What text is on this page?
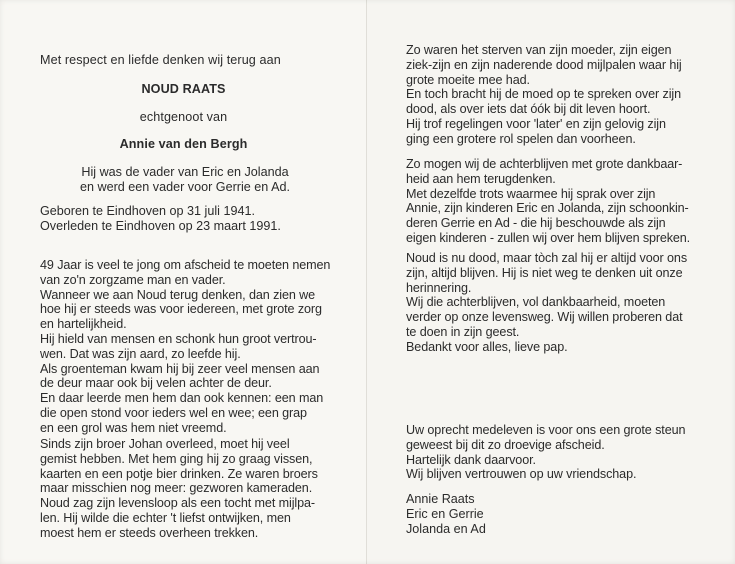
Met respect en liefde denken wij terug aan
NOUD RAATS
echtgenoot van
Annie van den Bergh
Hij was de vader van Eric en Jolanda
en werd een vader voor Gerrie en Ad.
Geboren te Eindhoven op 31 juli 1941.
Overleden te Eindhoven op 23 maart 1991.
49 Jaar is veel te jong om afscheid te moeten nemen
van zo'n zorgzame man en vader.
Wanneer we aan Noud terug denken, dan zien we
hoe hij er steeds was voor iedereen, met grote zorg
en hartelijkheid.
Hij hield van mensen en schonk hun groot vertrou-
wen. Dat was zijn aard, zo leefde hij.
Als groenteman kwam hij bij zeer veel mensen aan
de deur maar ook bij velen achter de deur.
En daar leerde men hem dan ook kennen: een man
die open stond voor ieders wel en wee; een grap
en een grol was hem niet vreemd.
Sinds zijn broer Johan overleed, moet hij veel
gemist hebben. Met hem ging hij zo graag vissen,
kaarten en een potje bier drinken. Ze waren broers
maar misschien nog meer: gezworen kameraden.
Noud zag zijn levensloop als een tocht met mijlpa-
len. Hij wilde die echter 't liefst ontwijken, men
moest hem er steeds overheen trekken.
Zo waren het sterven van zijn moeder, zijn eigen
ziek-zijn en zijn naderende dood mijlpalen waar hij
grote moeite mee had.
En toch bracht hij de moed op te spreken over zijn
dood, als over iets dat óók bij dit leven hoort.
Hij trof regelingen voor 'later' en zijn gelovig zijn
ging een grotere rol spelen dan voorheen.
Zo mogen wij de achterblijven met grote dankbaar-
heid aan hem terugdenken.
Met dezelfde trots waarmee hij sprak over zijn
Annie, zijn kinderen Eric en Jolanda, zijn schoonkin-
deren Gerrie en Ad - die hij beschouwde als zijn
eigen kinderen - zullen wij over hem blijven spreken.
Noud is nu dood, maar tòch zal hij er altijd voor ons
zijn, altijd blijven. Hij is niet weg te denken uit onze
herinnering.
Wij die achterblijven, vol dankbaarheid, moeten
verder op onze levensweg. Wij willen proberen dat
te doen in zijn geest.
Bedankt voor alles, lieve pap.
Uw oprecht medeleven is voor ons een grote steun
geweest bij dit zo droevige afscheid.
Hartelijk dank daarvoor.
Wij blijven vertrouwen op uw vriendschap.
Annie Raats
Eric en Gerrie
Jolanda en Ad
